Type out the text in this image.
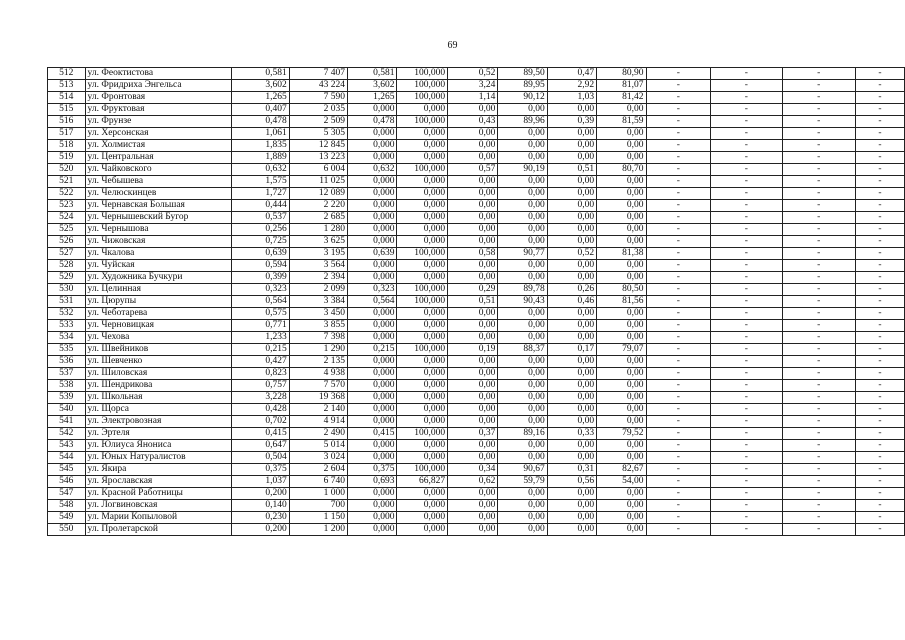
69
512	ул. Феоктистова	0,581	7 407	0,581	100,000	0,52	89,50	0,47	80,90	-	-	-	-
513	ул. Фридриха Энгельса	3,602	43 224	3,602	100,000	3,24	89,95	2,92	81,07	-	-	-	-
514	ул. Фронтовая	1,265	7 590	1,265	100,000	1,14	90,12	1,03	81,42	-	-	-	-
515	ул. Фруктовая	0,407	2 035	0,000	0,000	0,00	0,00	0,00	0,00	-	-	-	-
516	ул. Фрунзе	0,478	2 509	0,478	100,000	0,43	89,96	0,39	81,59	-	-	-	-
517	ул. Херсонская	1,061	5 305	0,000	0,000	0,00	0,00	0,00	0,00	-	-	-	-
518	ул. Холмистая	1,835	12 845	0,000	0,000	0,00	0,00	0,00	0,00	-	-	-	-
519	ул. Центральная	1,889	13 223	0,000	0,000	0,00	0,00	0,00	0,00	-	-	-	-
520	ул. Чайковского	0,632	6 004	0,632	100,000	0,57	90,19	0,51	80,70	-	-	-	-
521	ул. Чебышева	1,575	11 025	0,000	0,000	0,00	0,00	0,00	0,00	-	-	-	-
522	ул. Челюскинцев	1,727	12 089	0,000	0,000	0,00	0,00	0,00	0,00	-	-	-	-
523	ул. Чернавская Большая	0,444	2 220	0,000	0,000	0,00	0,00	0,00	0,00	-	-	-	-
524	ул. Чернышевский Бугор	0,537	2 685	0,000	0,000	0,00	0,00	0,00	0,00	-	-	-	-
525	ул. Чернышова	0,256	1 280	0,000	0,000	0,00	0,00	0,00	0,00	-	-	-	-
526	ул. Чижовская	0,725	3 625	0,000	0,000	0,00	0,00	0,00	0,00	-	-	-	-
527	ул. Чкалова	0,639	3 195	0,639	100,000	0,58	90,77	0,52	81,38	-	-	-	-
528	ул. Чуйская	0,594	3 564	0,000	0,000	0,00	0,00	0,00	0,00	-	-	-	-
529	ул. Художника Бучкури	0,399	2 394	0,000	0,000	0,00	0,00	0,00	0,00	-	-	-	-
530	ул. Целинная	0,323	2 099	0,323	100,000	0,29	89,78	0,26	80,50	-	-	-	-
531	ул. Цюрупы	0,564	3 384	0,564	100,000	0,51	90,43	0,46	81,56	-	-	-	-
532	ул. Чеботарева	0,575	3 450	0,000	0,000	0,00	0,00	0,00	0,00	-	-	-	-
533	ул. Черновицкая	0,771	3 855	0,000	0,000	0,00	0,00	0,00	0,00	-	-	-	-
534	ул. Чехова	1,233	7 398	0,000	0,000	0,00	0,00	0,00	0,00	-	-	-	-
535	ул. Швейников	0,215	1 290	0,215	100,000	0,19	88,37	0,17	79,07	-	-	-	-
536	ул. Шевченко	0,427	2 135	0,000	0,000	0,00	0,00	0,00	0,00	-	-	-	-
537	ул. Шиловская	0,823	4 938	0,000	0,000	0,00	0,00	0,00	0,00	-	-	-	-
538	ул. Шендрикова	0,757	7 570	0,000	0,000	0,00	0,00	0,00	0,00	-	-	-	-
539	ул. Школьная	3,228	19 368	0,000	0,000	0,00	0,00	0,00	0,00	-	-	-	-
540	ул. Щорса	0,428	2 140	0,000	0,000	0,00	0,00	0,00	0,00	-	-	-	-
541	ул. Электровозная	0,702	4 914	0,000	0,000	0,00	0,00	0,00	0,00	-	-	-	-
542	ул. Эртеля	0,415	2 490	0,415	100,000	0,37	89,16	0,33	79,52	-	-	-	-
543	ул. Юлиуса Янониса	0,647	5 014	0,000	0,000	0,00	0,00	0,00	0,00	-	-	-	-
544	ул. Юных Натуралистов	0,504	3 024	0,000	0,000	0,00	0,00	0,00	0,00	-	-	-	-
545	ул. Якира	0,375	2 604	0,375	100,000	0,34	90,67	0,31	82,67	-	-	-	-
546	ул. Ярославская	1,037	6 740	0,693	66,827	0,62	59,79	0,56	54,00	-	-	-	-
547	ул. Красной Работницы	0,200	1 000	0,000	0,000	0,00	0,00	0,00	0,00	-	-	-	-
548	ул. Логвиновская	0,140	700	0,000	0,000	0,00	0,00	0,00	0,00	-	-	-	-
549	ул. Марии Копыловой	0,230	1 150	0,000	0,000	0,00	0,00	0,00	0,00	-	-	-	-
550	ул. Пролетарской	0,200	1 200	0,000	0,000	0,00	0,00	0,00	0,00	-	-	-	-
